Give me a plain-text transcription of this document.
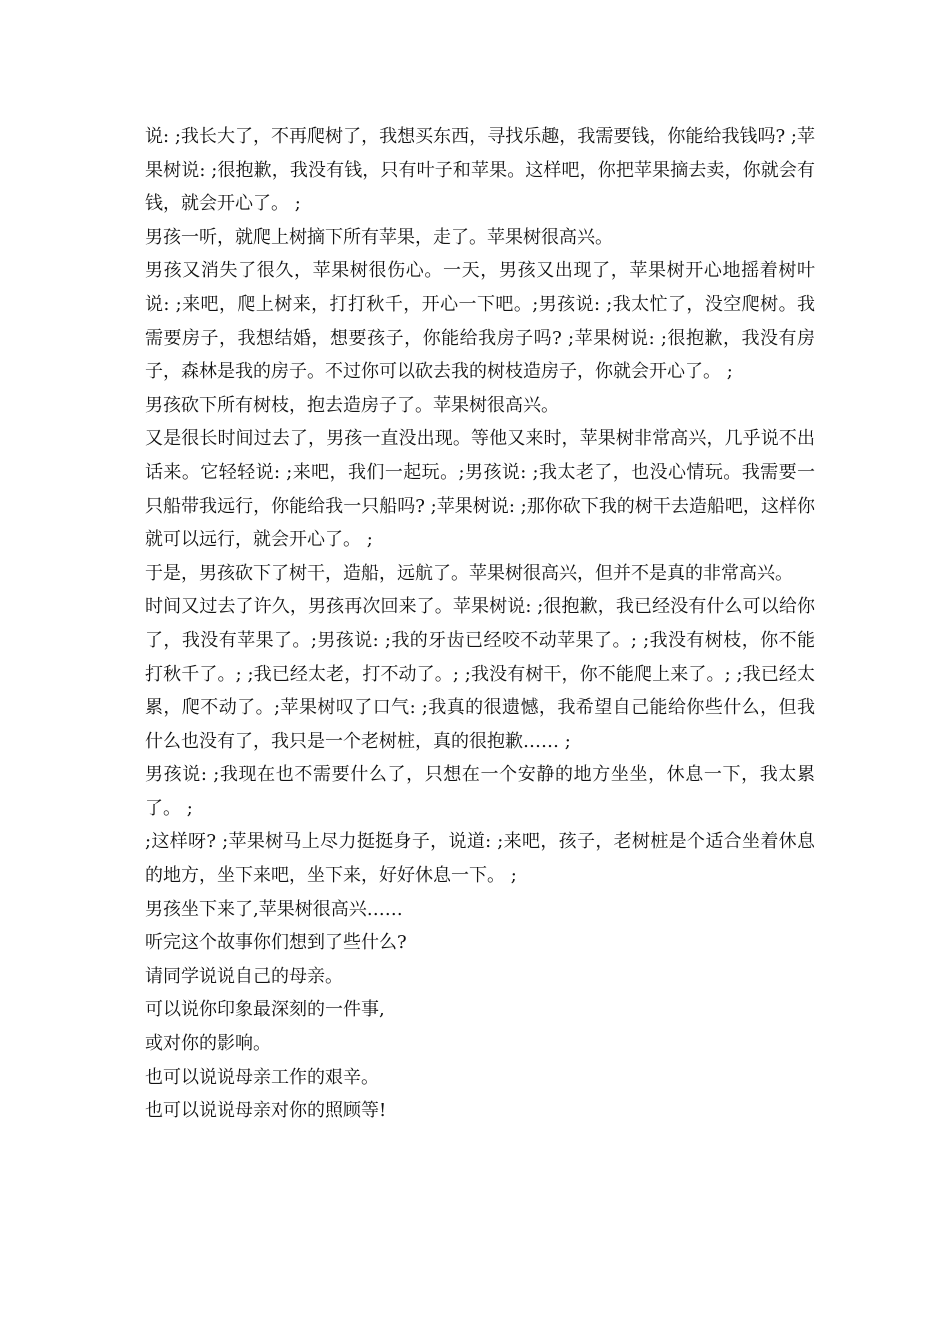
说: ;我长大了，不再爬树了，我想买东西，寻找乐趣，我需要钱，你能给我钱吗? ;苹果树说: ;很抱歉，我没有钱，只有叶子和苹果。这样吧，你把苹果摘去卖，你就会有钱，就会开心了。 ;

男孩一听，就爬上树摘下所有苹果，走了。苹果树很高兴。

男孩又消失了很久，苹果树很伤心。一天，男孩又出现了，苹果树开心地摇着树叶说: ;来吧，爬上树来，打打秋千，开心一下吧。;男孩说: ;我太忙了，没空爬树。我需要房子，我想结婚，想要孩子，你能给我房子吗? ;苹果树说: ;很抱歉，我没有房子，森林是我的房子。不过你可以砍去我的树枝造房子，你就会开心了。 ;

男孩砍下所有树枝，抱去造房子了。苹果树很高兴。

又是很长时间过去了，男孩一直没出现。等他又来时，苹果树非常高兴，几乎说不出话来。它轻轻说: ;来吧，我们一起玩。;男孩说: ;我太老了，也没心情玩。我需要一只船带我远行，你能给我一只船吗? ;苹果树说: ;那你砍下我的树干去造船吧，这样你就可以远行，就会开心了。 ;

于是，男孩砍下了树干，造船，远航了。苹果树很高兴，但并不是真的非常高兴。

时间又过去了许久，男孩再次回来了。苹果树说: ;很抱歉，我已经没有什么可以给你了，我没有苹果了。;男孩说: ;我的牙齿已经咬不动苹果了。; ;我没有树枝，你不能打秋千了。; ;我已经太老，打不动了。; ;我没有树干，你不能爬上来了。; ;我已经太累，爬不动了。;苹果树叹了口气: ;我真的很遗憾，我希望自己能给你些什么，但我什么也没有了，我只是一个老树桩，真的很抱歉…… ;

男孩说: ;我现在也不需要什么了，只想在一个安静的地方坐坐，休息一下，我太累了。 ;

;这样呀? ;苹果树马上尽力挺挺身子，说道: ;来吧，孩子，老树桩是个适合坐着休息的地方，坐下来吧，坐下来，好好休息一下。 ;

男孩坐下来了,苹果树很高兴……

听完这个故事你们想到了些什么?

请同学说说自己的母亲。

可以说你印象最深刻的一件事,

或对你的影响。

也可以说说母亲工作的艰辛。

也可以说说母亲对你的照顾等!
